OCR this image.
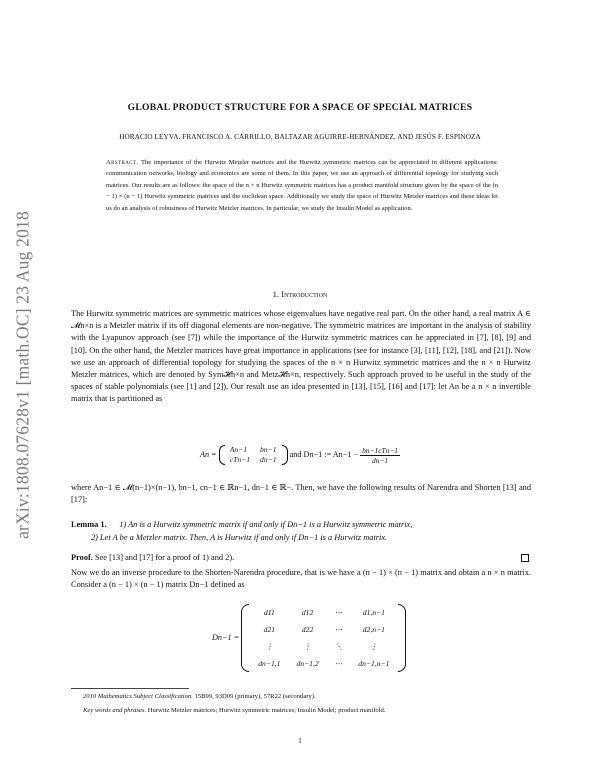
arXiv:1808.07628v1 [math.OC] 23 Aug 2018
GLOBAL PRODUCT STRUCTURE FOR A SPACE OF SPECIAL MATRICES
HORACIO LEYVA, FRANCISCO A. CARRILLO, BALTAZAR AGUIRRE-HERNÁNDEZ, AND JESÚS F. ESPINOZA
Abstract. The importance of the Hurwitz Metzler matrices and the Hurwitz symmetric matrices can be appreciated in different applications: communication networks, biology and economics are some of them. In this paper, we use an approach of differential topology for studying such matrices. Our results are as follows: the space of the n × n Hurwitz symmetric matrices has a product manifold structure given by the space of the (n − 1) × (n − 1) Hurwitz symmetric matrices and the euclidean space. Additionally we study the space of Hurwitz Metzler matrices and these ideas let us do an analysis of robustness of Hurwitz Metzler matrices. In particular, we study the Insulin Model as application.
1. Introduction
The Hurwitz symmetric matrices are symmetric matrices whose eigenvalues have negative real part. On the other hand, a real matrix A ∈ 𝓜n×n is a Metzler matrix if its off diagonal elements are non-negative. The symmetric matrices are important in the analysis of stability with the Lyapunov approach (see [7]) while the importance of the Hurwitz symmetric matrices can be appreciated in [7], [8], [9] and [10]. On the other hand, the Metzler matrices have great importance in applications (see for instance [3], [11], [12], [18], and [21]). Now we use an approach of differential topology for studying the spaces of the n × n Hurwitz symmetric matrices and the n × n Hurwitz Metzler matrices, which are denoted by Sym𝓗n×n and Metz𝓗n×n, respectively. Such approach proved to be useful in the study of the spaces of stable polynomials (see [1] and [2]). Our result use an idea presented in [13], [15], [16] and [17]: let An be a n × n invertible matrix that is partitioned as
An =
An−1	bn−1
cTn−1	dn−1
and Dn−1 := $An-1 - \frac{\text{bn−1cTn−1}}{dn-1}$
where An−1 ∈ 𝓜(n−1)×(n−1), bn−1, cn−1 ∈ ℝn−1, dn−1 ∈ ℝ−. Then, we have the following results of Narendra and Shorten [13] and [17]:
Lemma 1. 1) An is a Hurwitz symmetric matrix if and only if Dn−1 is a Hurwitz symmetric matrix,
2) Let A be a Metzler matrix. Then, A is Hurwitz if and only if Dn−1 is a Hurwitz matrix.
Proof. See [13] and [17] for a proof of 1) and 2).
Now we do an inverse procedure to the Shorten-Narendra procedure, that is we have a (n − 1) × (n − 1) matrix and obtain a n × n matrix. Consider a (n − 1) × (n − 1) matrix Dn−1 defined as
Dn−1 =
d11	d12	⋯	d1,n−1
d21	d22	⋯	d2,n−1
⋮	⋮	⋱	⋮
dn−1,1	dn−1,2	⋯	dn−1,n−1
2010 Mathematics Subject Classification. 15B99, 93D09 (primary), 57R22 (secondary).
Key words and phrases. Hurwitz Metzler matrices; Hurwitz symmetric matrices; Insulin Model; product manifold.
1
